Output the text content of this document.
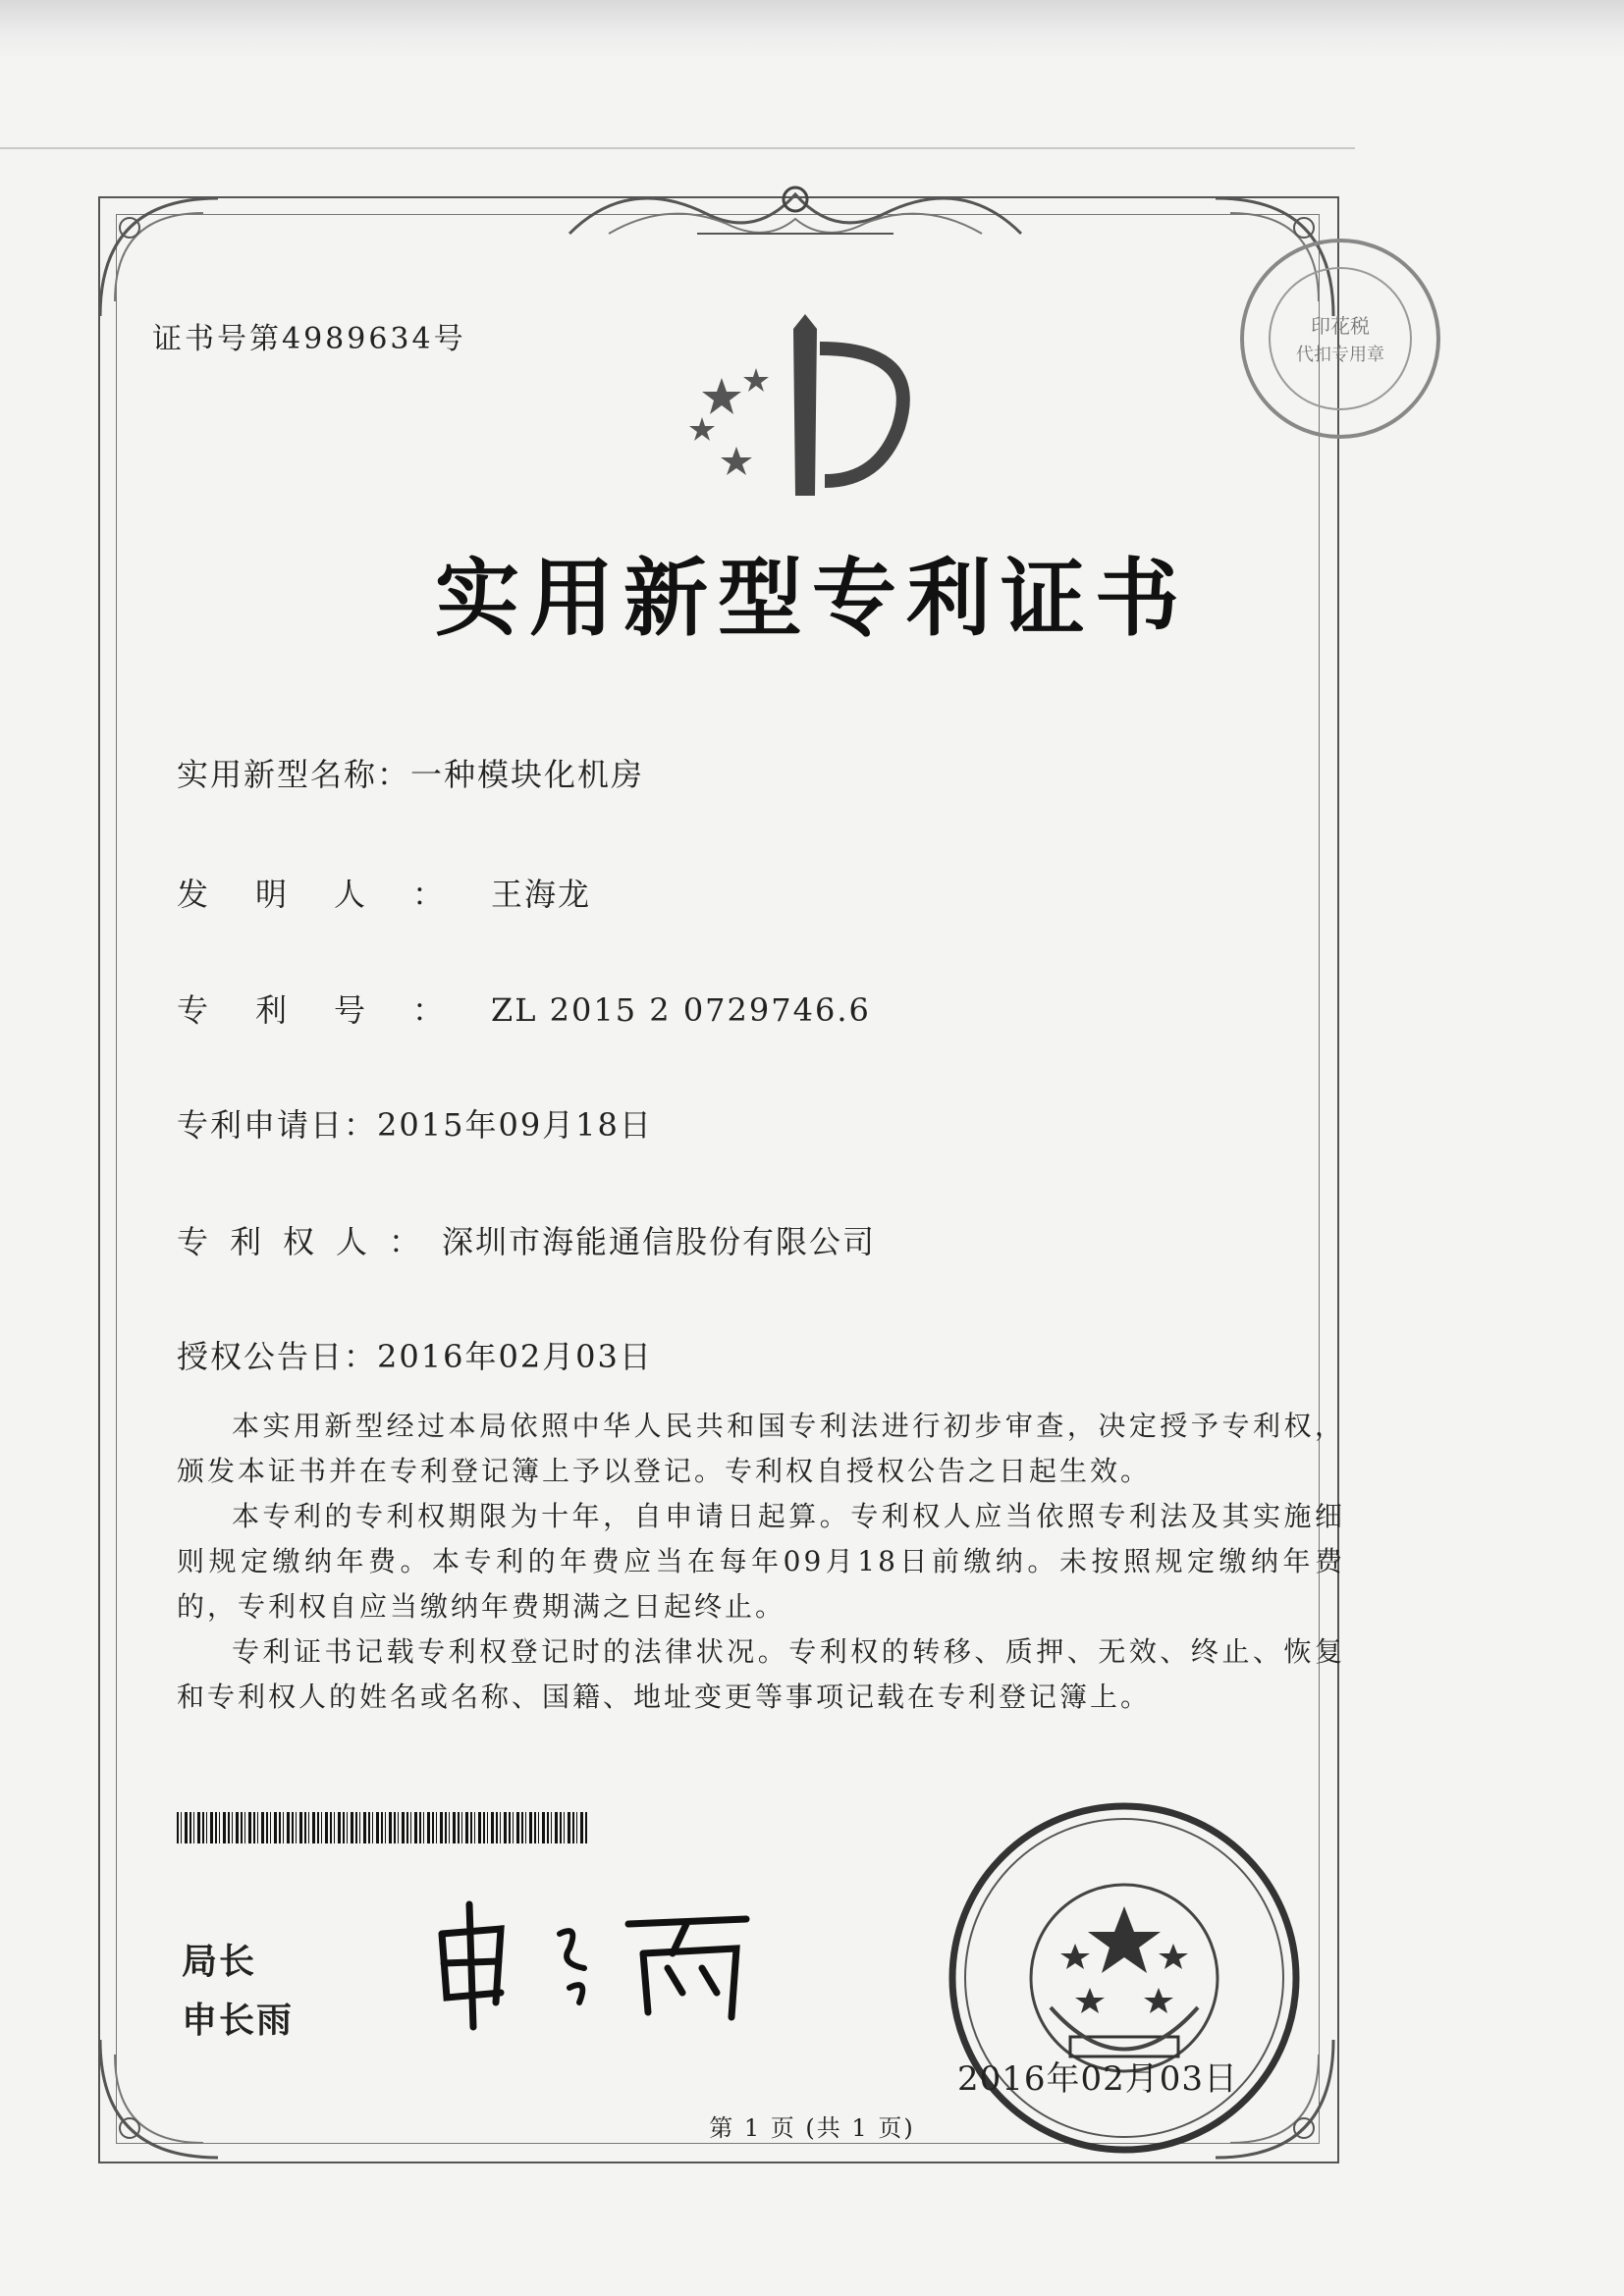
证书号第4989634号	印花税
代扣专用章
实用新型专利证书
实用新型名称：一种模块化机房
发明人：王海龙
专利号：ZL 2015 2 0729746.6
专利申请日：2015年09月18日
专利权人：深圳市海能通信股份有限公司
授权公告日：2016年02月03日
本实用新型经过本局依照中华人民共和国专利法进行初步审查，决定授予专利权，颁发本证书并在专利登记簿上予以登记。专利权自授权公告之日起生效。
本专利的专利权期限为十年，自申请日起算。专利权人应当依照专利法及其实施细则规定缴纳年费。本专利的年费应当在每年09月18日前缴纳。未按照规定缴纳年费的，专利权自应当缴纳年费期满之日起终止。
专利证书记载专利权登记时的法律状况。专利权的转移、质押、无效、终止、恢复和专利权人的姓名或名称、国籍、地址变更等事项记载在专利登记簿上。
局长
申长雨
2016年02月03日
第 1 页 (共 1 页)
